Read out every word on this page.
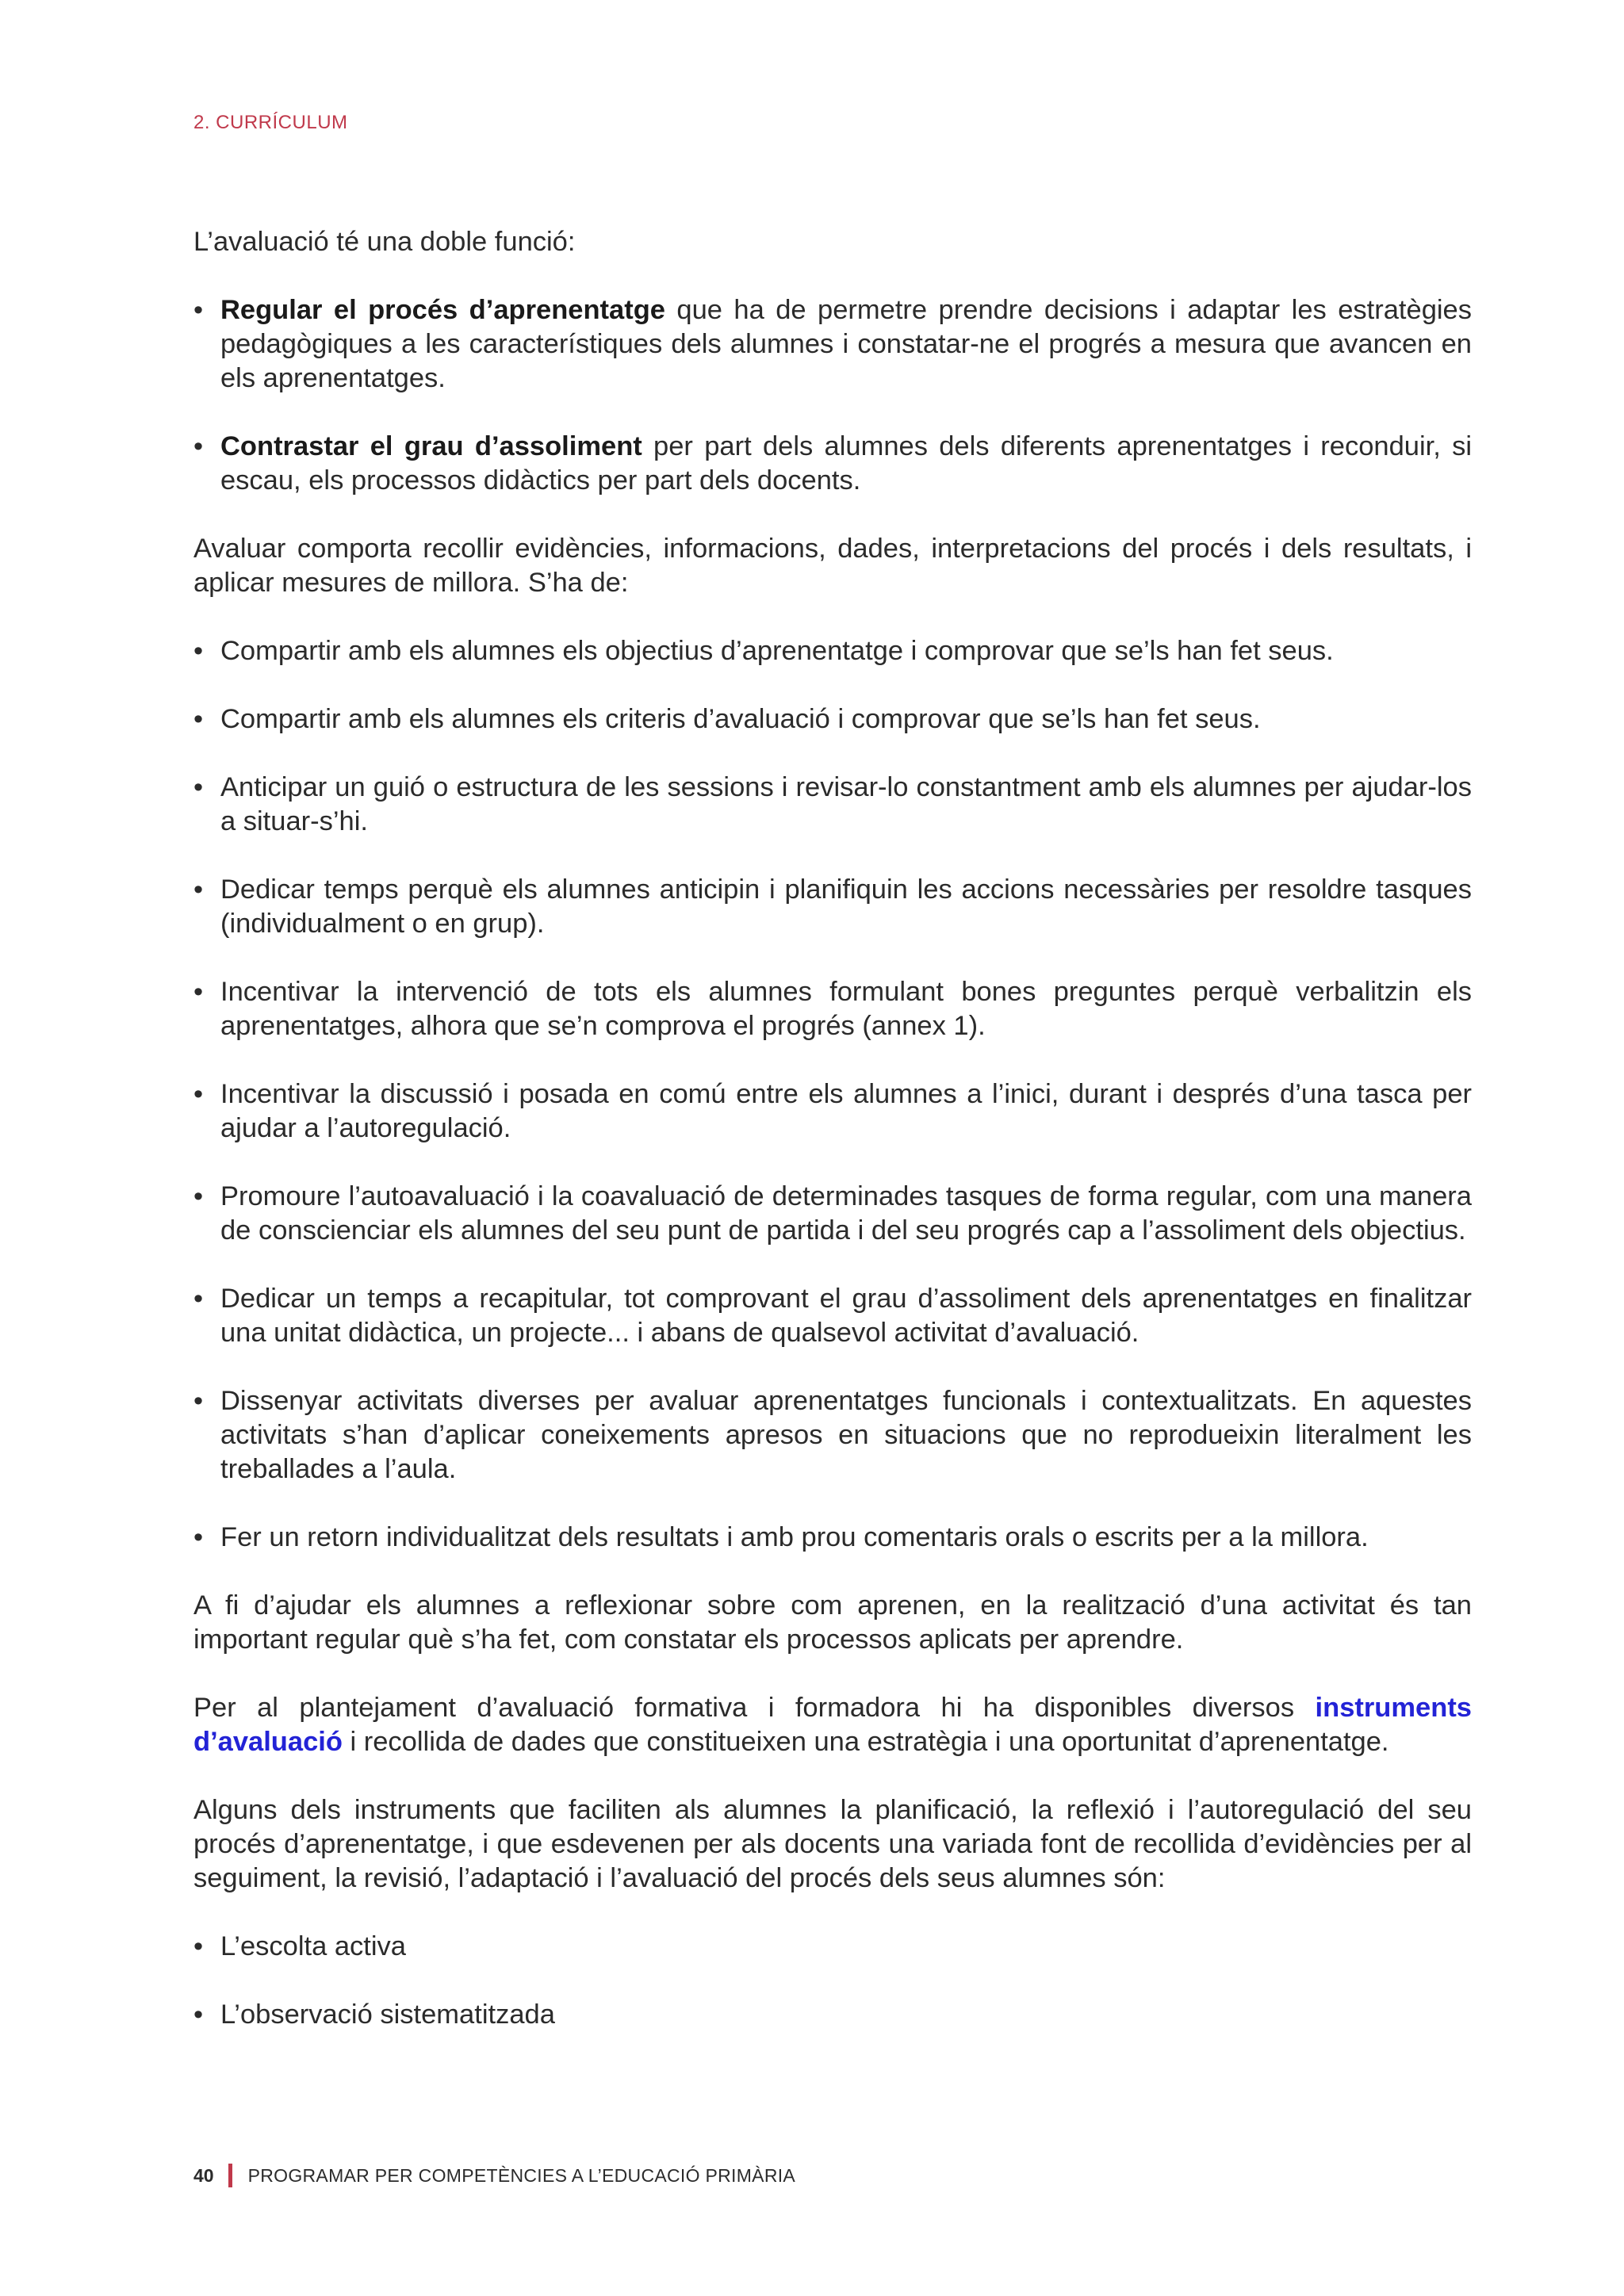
2. CURRÍCULUM

L’avaluació té una doble funció:

• Regular el procés d’aprenentatge que ha de permetre prendre decisions i adaptar les estratègies pedagògiques a les característiques dels alumnes i constatar-ne el progrés a mesura que avancen en els aprenentatges.
• Contrastar el grau d’assoliment per part dels alumnes dels diferents aprenentatges i reconduir, si escau, els processos didàctics per part dels docents.

Avaluar comporta recollir evidències, informacions, dades, interpretacions del procés i dels resultats, i aplicar mesures de millora. S’ha de:

• Compartir amb els alumnes els objectius d’aprenentatge i comprovar que se’ls han fet seus.
• Compartir amb els alumnes els criteris d’avaluació i comprovar que se’ls han fet seus.
• Anticipar un guió o estructura de les sessions i revisar-lo constantment amb els alumnes per ajudar-los a situar-s’hi.
• Dedicar temps perquè els alumnes anticipin i planifiquin les accions necessàries per resoldre tasques (individualment o en grup).
• Incentivar la intervenció de tots els alumnes formulant bones preguntes perquè verbalitzin els aprenentatges, alhora que se’n comprova el progrés (annex 1).
• Incentivar la discussió i posada en comú entre els alumnes a l’inici, durant i després d’una tasca per ajudar a l’autoregulació.
• Promoure l’autoavaluació i la coavaluació de determinades tasques de forma regular, com una manera de conscienciar els alumnes del seu punt de partida i del seu progrés cap a l’assoliment dels objectius.
• Dedicar un temps a recapitular, tot comprovant el grau d’assoliment dels aprenentatges en finalitzar una unitat didàctica, un projecte... i abans de qualsevol activitat d’avaluació.
• Dissenyar activitats diverses per avaluar aprenentatges funcionals i contextualitzats. En aquestes activitats s’han d’aplicar coneixements apresos en situacions que no reprodueixin literalment les treballades a l’aula.
• Fer un retorn individualitzat dels resultats i amb prou comentaris orals o escrits per a la millora.

A fi d’ajudar els alumnes a reflexionar sobre com aprenen, en la realització d’una activitat és tan important regular què s’ha fet, com constatar els processos aplicats per aprendre.

Per al plantejament d’avaluació formativa i formadora hi ha disponibles diversos instruments d’avaluació i recollida de dades que constitueixen una estratègia i una oportunitat d’aprenentatge.

Alguns dels instruments que faciliten als alumnes la planificació, la reflexió i l’autoregulació del seu procés d’aprenentatge, i que esdevenen per als docents una variada font de recollida d’evidències per al seguiment, la revisió, l’adaptació i l’avaluació del procés dels seus alumnes són:

• L’escolta activa
• L’observació sistematitzada
40 PROGRAMAR PER COMPETÈNCIES A L’EDUCACIÓ PRIMÀRIA
